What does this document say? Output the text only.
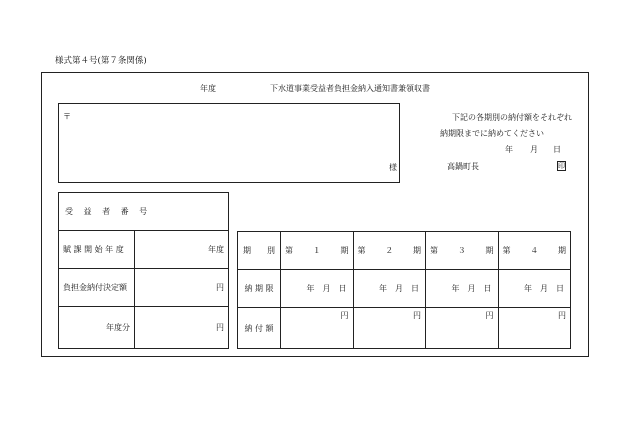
様式第４号(第７条関係)
年度	下水道事業受益者負担金納入通知書兼領収書
〒
様
下記の各期別の納付額をそれぞれ
納期限までに納めてください
年 月 日
高鍋町長	印
受 益 者 番 号	
賦 課 開 始 年 度	年度
負担金納付決定額	円
年度分	円
期　　別	第 １ 期	第 ２ 期	第 ３ 期	第 ４ 期

納 期 限	年 月 日	年 月 日	年 月 日	年 月 日
納 付 額	円	円	円	円
